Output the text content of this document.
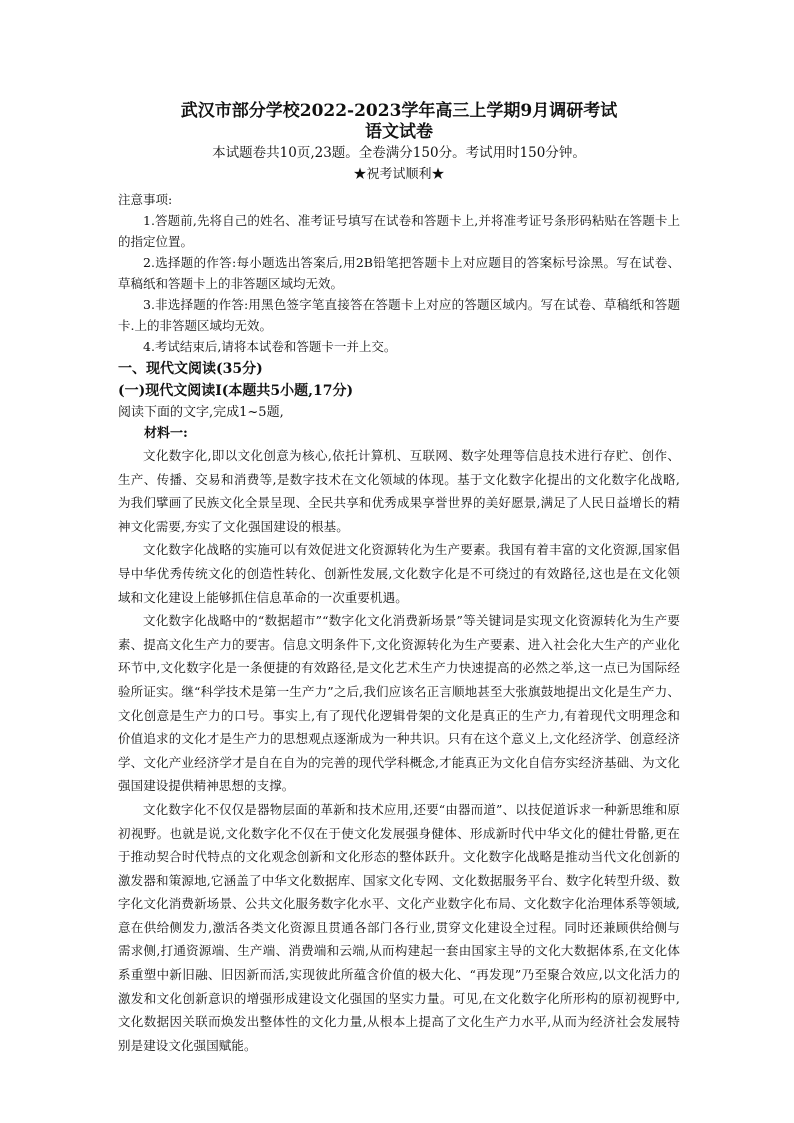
武汉市部分学校2022-2023学年高三上学期9月调研考试

语文试卷

本试题卷共10页,23题。全卷满分150分。考试用时150分钟。

★祝考试顺利★

注意事项:

1.答题前,先将自己的姓名、准考证号填写在试卷和答题卡上,并将准考证号条形码粘贴在答题卡上的指定位置。

2.选择题的作答:每小题选出答案后,用2B铅笔把答题卡上对应题目的答案标号涂黑。写在试卷、草稿纸和答题卡上的非答题区域均无效。

3.非选择题的作答:用黑色签字笔直接答在答题卡上对应的答题区域内。写在试卷、草稿纸和答题卡.上的非答题区域均无效。

4.考试结束后,请将本试卷和答题卡一并上交。

一、现代文阅读(35分)

(一)现代文阅读Ⅰ(本题共5小题,17分)

阅读下面的文字,完成1~5题,

材料一:

文化数字化,即以文化创意为核心,依托计算机、互联网、数字处理等信息技术进行存贮、创作、生产、传播、交易和消费等,是数字技术在文化领域的体现。基于文化数字化提出的文化数字化战略,为我们擘画了民族文化全景呈现、全民共享和优秀成果享誉世界的美好愿景,满足了人民日益增长的精神文化需要,夯实了文化强国建设的根基。

文化数字化战略的实施可以有效促进文化资源转化为生产要素。我国有着丰富的文化资源,国家倡导中华优秀传统文化的创造性转化、创新性发展,文化数字化是不可绕过的有效路径,这也是在文化领域和文化建设上能够抓住信息革命的一次重要机遇。

文化数字化战略中的“数据超市”“数字化文化消费新场景”等关键词是实现文化资源转化为生产要素、提高文化生产力的要害。信息文明条件下,文化资源转化为生产要素、进入社会化大生产的产业化环节中,文化数字化是一条便捷的有效路径,是文化艺术生产力快速提高的必然之举,这一点已为国际经验所证实。继“科学技术是第一生产力”之后,我们应该名正言顺地甚至大张旗鼓地提出文化是生产力、文化创意是生产力的口号。事实上,有了现代化逻辑骨架的文化是真正的生产力,有着现代文明理念和价值追求的文化才是生产力的思想观点逐渐成为一种共识。只有在这个意义上,文化经济学、创意经济学、文化产业经济学才是自在自为的完善的现代学科概念,才能真正为文化自信夯实经济基础、为文化强国建设提供精神思想的支撑。

文化数字化不仅仅是器物层面的革新和技术应用,还要“由器而道”、以技促道诉求一种新思维和原初视野。也就是说,文化数字化不仅在于使文化发展强身健体、形成新时代中华文化的健壮骨骼,更在于推动契合时代特点的文化观念创新和文化形态的整体跃升。文化数字化战略是推动当代文化创新的激发器和策源地,它涵盖了中华文化数据库、国家文化专网、文化数据服务平台、数字化转型升级、数字化文化消费新场景、公共文化服务数字化水平、文化产业数字化布局、文化数字化治理体系等领域,意在供给侧发力,激活各类文化资源且贯通各部门各行业,贯穿文化建设全过程。同时还兼顾供给侧与需求侧,打通资源端、生产端、消费端和云端,从而构建起一套由国家主导的文化大数据体系,在文化体系重塑中新旧融、旧因新而活,实现彼此所蕴含价值的极大化、“再发现”乃至聚合效应,以文化活力的激发和文化创新意识的增强形成建设文化强国的坚实力量。可见,在文化数字化所形构的原初视野中,文化数据因关联而焕发出整体性的文化力量,从根本上提高了文化生产力水平,从而为经济社会发展特别是建设文化强国赋能。
